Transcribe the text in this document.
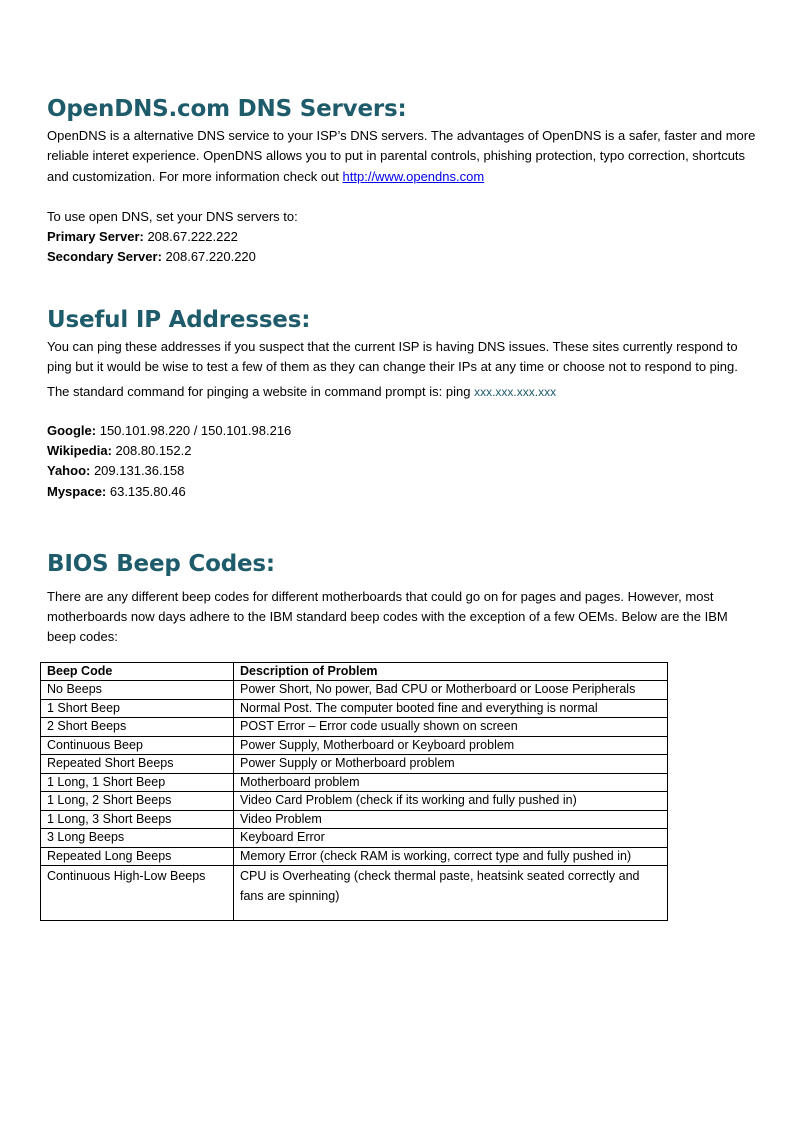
OpenDNS.com DNS Servers:

OpenDNS is a alternative DNS service to your ISP’s DNS servers. The advantages of OpenDNS is a safer, faster and more reliable interet experience. OpenDNS allows you to put in parental controls, phishing protection, typo correction, shortcuts and customization. For more information check out http://www.opendns.com

To use open DNS, set your DNS servers to:

Primary Server: 208.67.222.222
Secondary Server: 208.67.220.220
Useful IP Addresses:

You can ping these addresses if you suspect that the current ISP is having DNS issues. These sites currently respond to ping but it would be wise to test a few of them as they can change their IPs at any time or choose not to respond to ping.

The standard command for pinging a website in command prompt is: ping xxx.xxx.xxx.xxx

Google: 150.101.98.220 / 150.101.98.216
Wikipedia: 208.80.152.2
Yahoo: 209.131.36.158
Myspace: 63.135.80.46
BIOS Beep Codes:

There are any different beep codes for different motherboards that could go on for pages and pages. However, most motherboards now days adhere to the IBM standard beep codes with the exception of a few OEMs. Below are the IBM beep codes:

Beep Code	Description of Problem
No Beeps	Power Short, No power, Bad CPU or Motherboard or Loose Peripherals
1 Short Beep	Normal Post. The computer booted fine and everything is normal
2 Short Beeps	POST Error – Error code usually shown on screen
Continuous Beep	Power Supply, Motherboard or Keyboard problem
Repeated Short Beeps	Power Supply or Motherboard problem
1 Long, 1 Short Beep	Motherboard problem
1 Long, 2 Short Beeps	Video Card Problem (check if its working and fully pushed in)
1 Long, 3 Short Beeps	Video Problem
3 Long Beeps	Keyboard Error
Repeated Long Beeps	Memory Error (check RAM is working, correct type and fully pushed in)
Continuous High-Low Beeps	CPU is Overheating (check thermal paste, heatsink seated correctly and fans are spinning)
